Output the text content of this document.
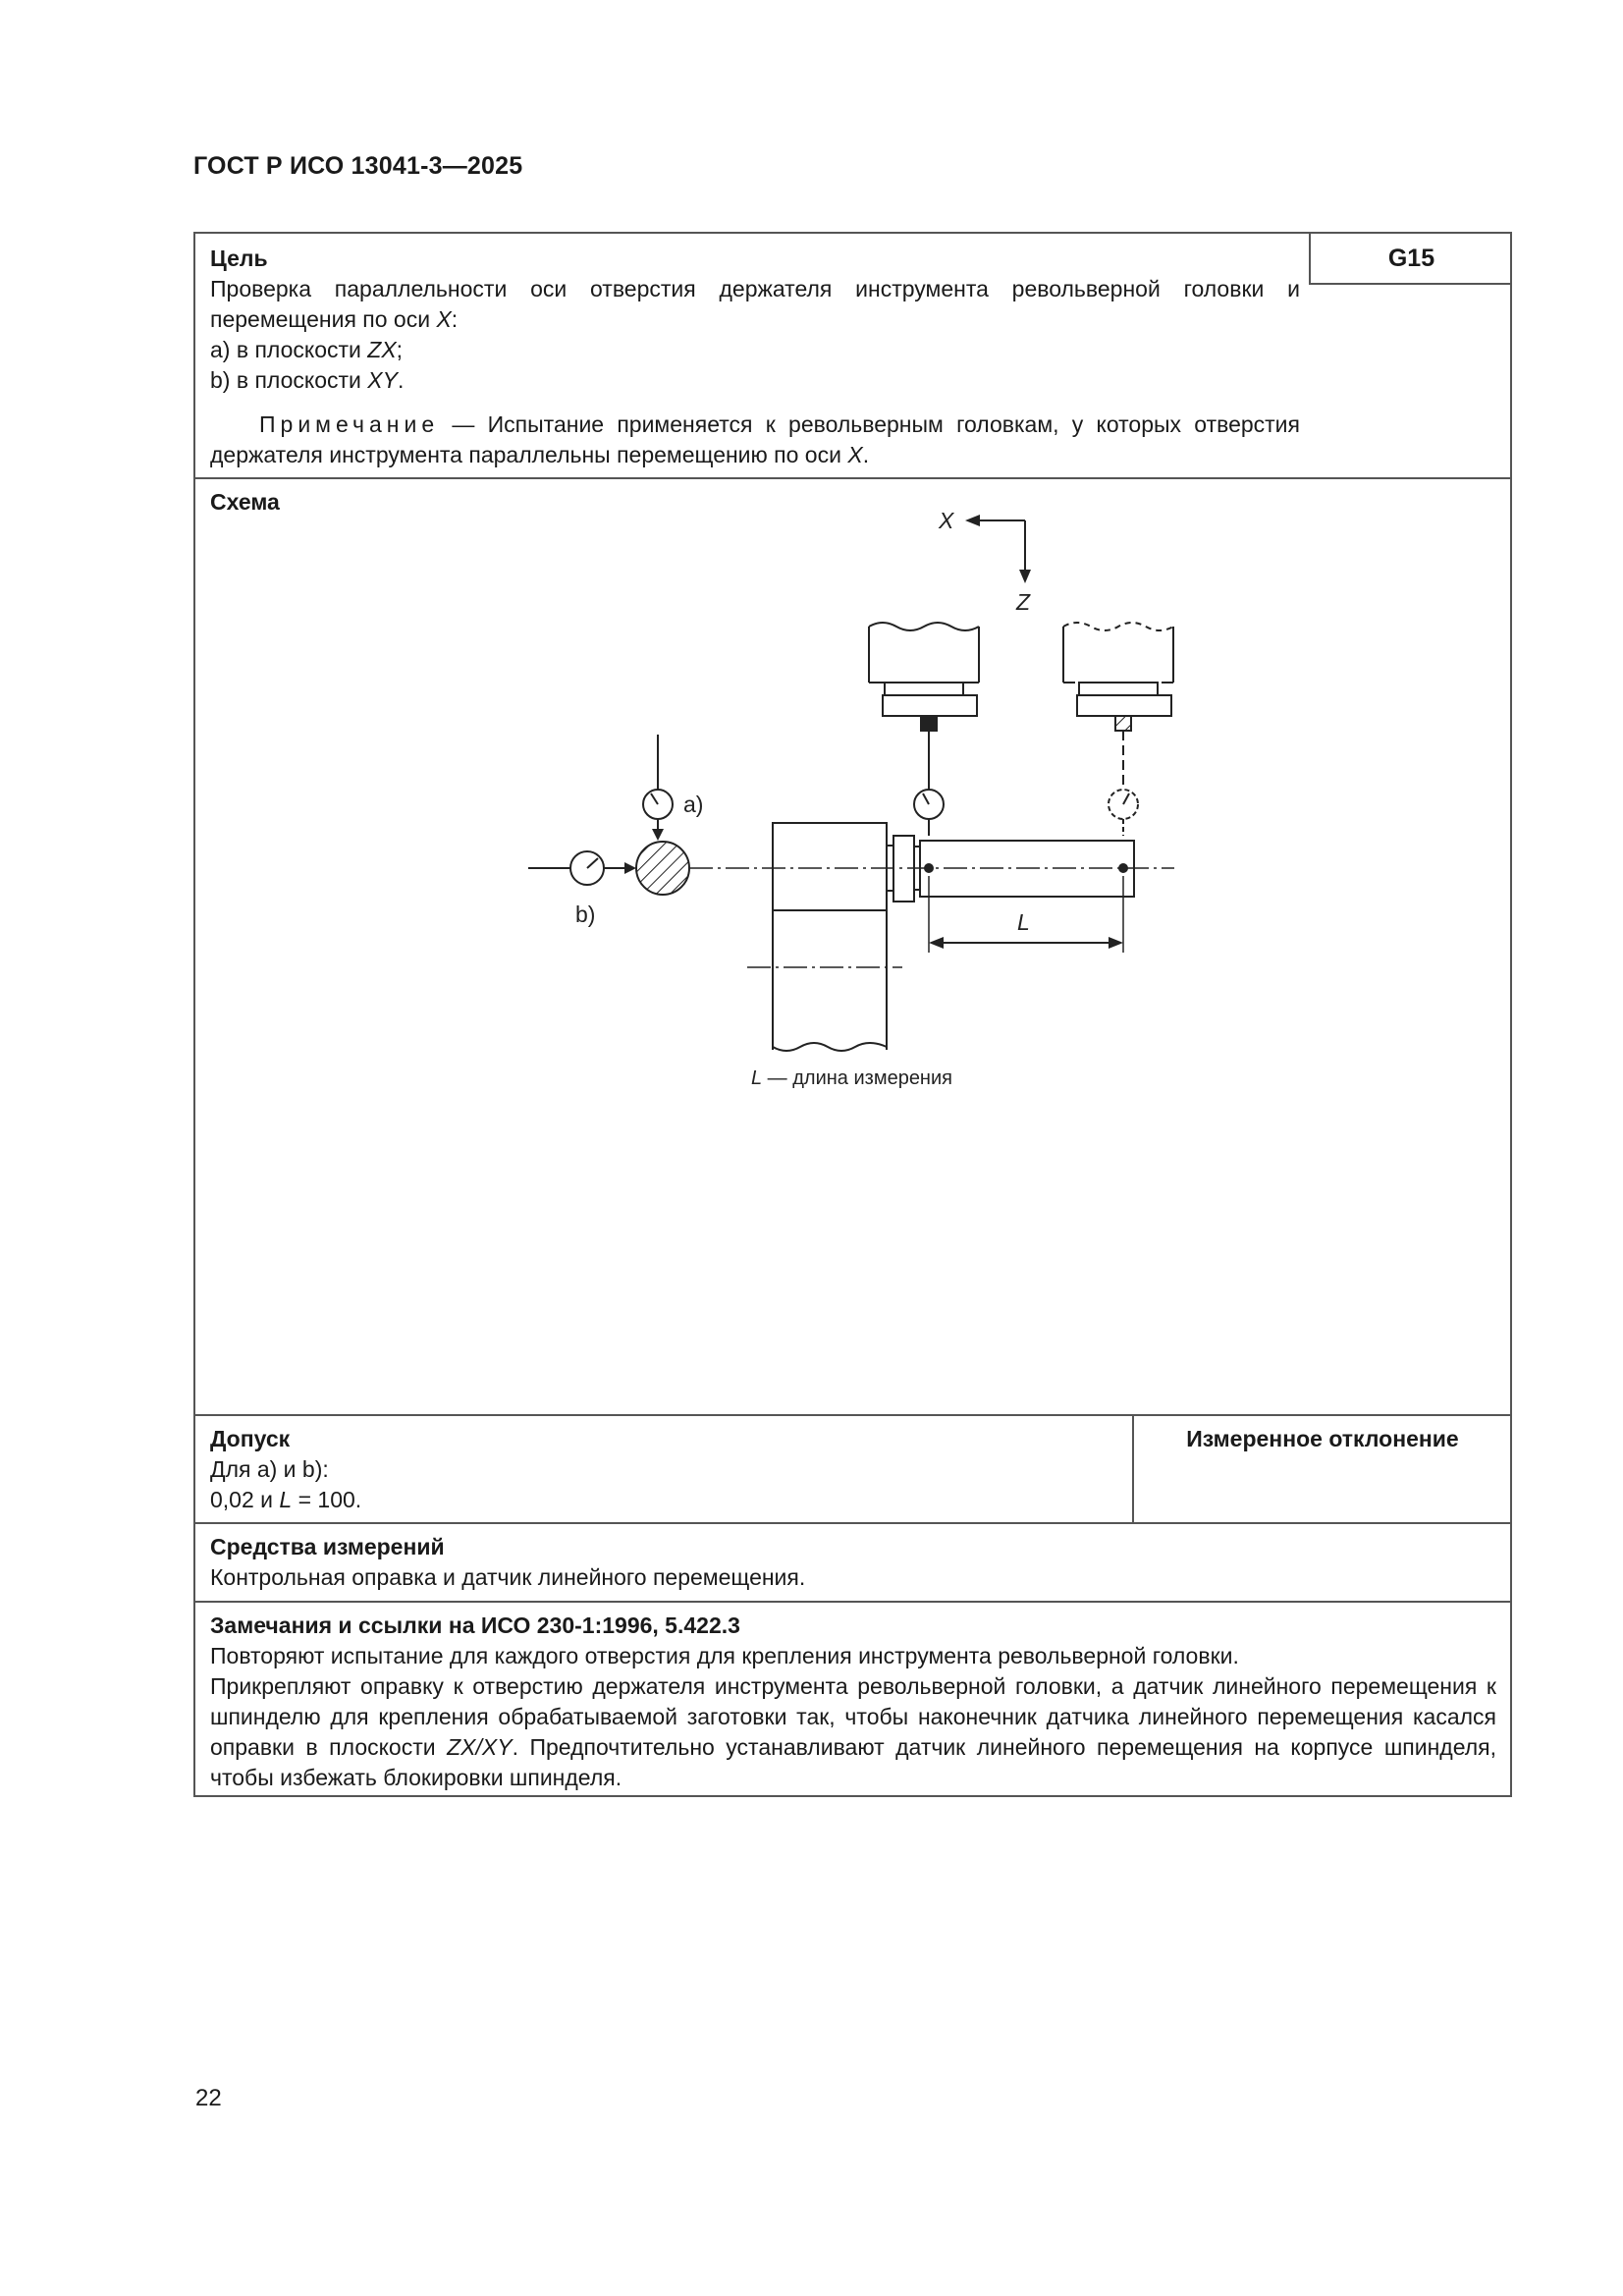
ГОСТ Р ИСО 13041-3—2025
G15
Цель
Проверка параллельности оси отверстия держателя инструмента револьверной головки и перемещения по оси X:
a) в плоскости ZX;
b) в плоскости XY.
Примечание — Испытание применяется к револьверным головкам, у которых отверстия держателя инструмента параллельны перемещению по оси X.
Схема
X
Z
a)
b)	L
L — длина измерения
Допуск
Для a) и b):
0,02 и L = 100.
Измеренное отклонение
Средства измерений
Контрольная оправка и датчик линейного перемещения.
Замечания и ссылки на ИСО 230-1:1996, 5.422.3
Повторяют испытание для каждого отверстия для крепления инструмента револьверной головки.
Прикрепляют оправку к отверстию держателя инструмента револьверной головки, а датчик линейного перемещения к шпинделю для крепления обрабатываемой заготовки так, чтобы наконечник датчика линейного перемещения касался оправки в плоскости ZX/XY. Предпочтительно устанавливают датчик линейного перемещения на корпусе шпинделя, чтобы избежать блокировки шпинделя.
22
